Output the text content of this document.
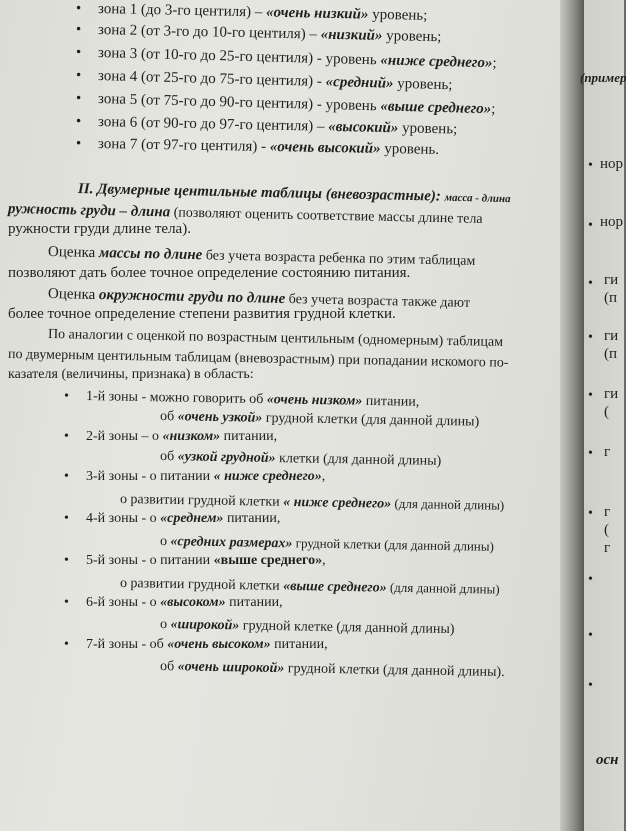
• зона 1 (до 3-го центиля) – «очень низкий» уровень;
• зона 2 (от 3-го до 10-го центиля) – «низкий» уровень;
• зона 3 (от 10-го до 25-го центиля) - уровень «ниже среднего»;
• зона 4 (от 25-го до 75-го центиля) - «средний» уровень;
• зона 5 (от 75-го до 90-го центиля) - уровень «выше среднего»;
• зона 6 (от 90-го до 97-го центиля) – «высокий» уровень;
• зона 7 (от 97-го центиля) - «очень высокий» уровень.
II. Двумерные центильные таблицы (вневозрастные): масса - длина
ружность груди – длина (позволяют оценить соответствие массы длине тела
ружности груди длине тела).
Оценка массы по длине без учета возраста ребенка по этим таблицам
позволяют дать более точное определение состоянию питания.
Оценка окружности груди по длине без учета возраста также дают
более точное определение степени развития грудной клетки.
По аналогии с оценкой по возрастным центильным (одномерным) таблицам
по двумерным центильным таблицам (вневозрастным) при попадании искомого по-
казателя (величины, признака) в область:
• 1-й зоны - можно говорить об «очень низком» питании,
об «очень узкой» грудной клетки (для данной длины)
• 2-й зоны – о «низком» питании,
об «узкой грудной» клетки (для данной длины)
• 3-й зоны - о питании « ниже среднего»,
о развитии грудной клетки « ниже среднего» (для данной длины)
• 4-й зоны - о «среднем» питании,
о «средних размерах» грудной клетки (для данной длины)
• 5-й зоны - о питании «выше среднего»,
о развитии грудной клетки «выше среднего» (для данной длины)
• 6-й зоны - о «высоком» питании,
о «широкой» грудной клетке (для данной длины)
• 7-й зоны - об «очень высоком» питании,
об «очень широкой» грудной клетки (для данной длины).
(пример
• нор
• нор
• ги
(п
• ги
(п
• ги
(
• г
• г
(
г
•
•
•
осн
